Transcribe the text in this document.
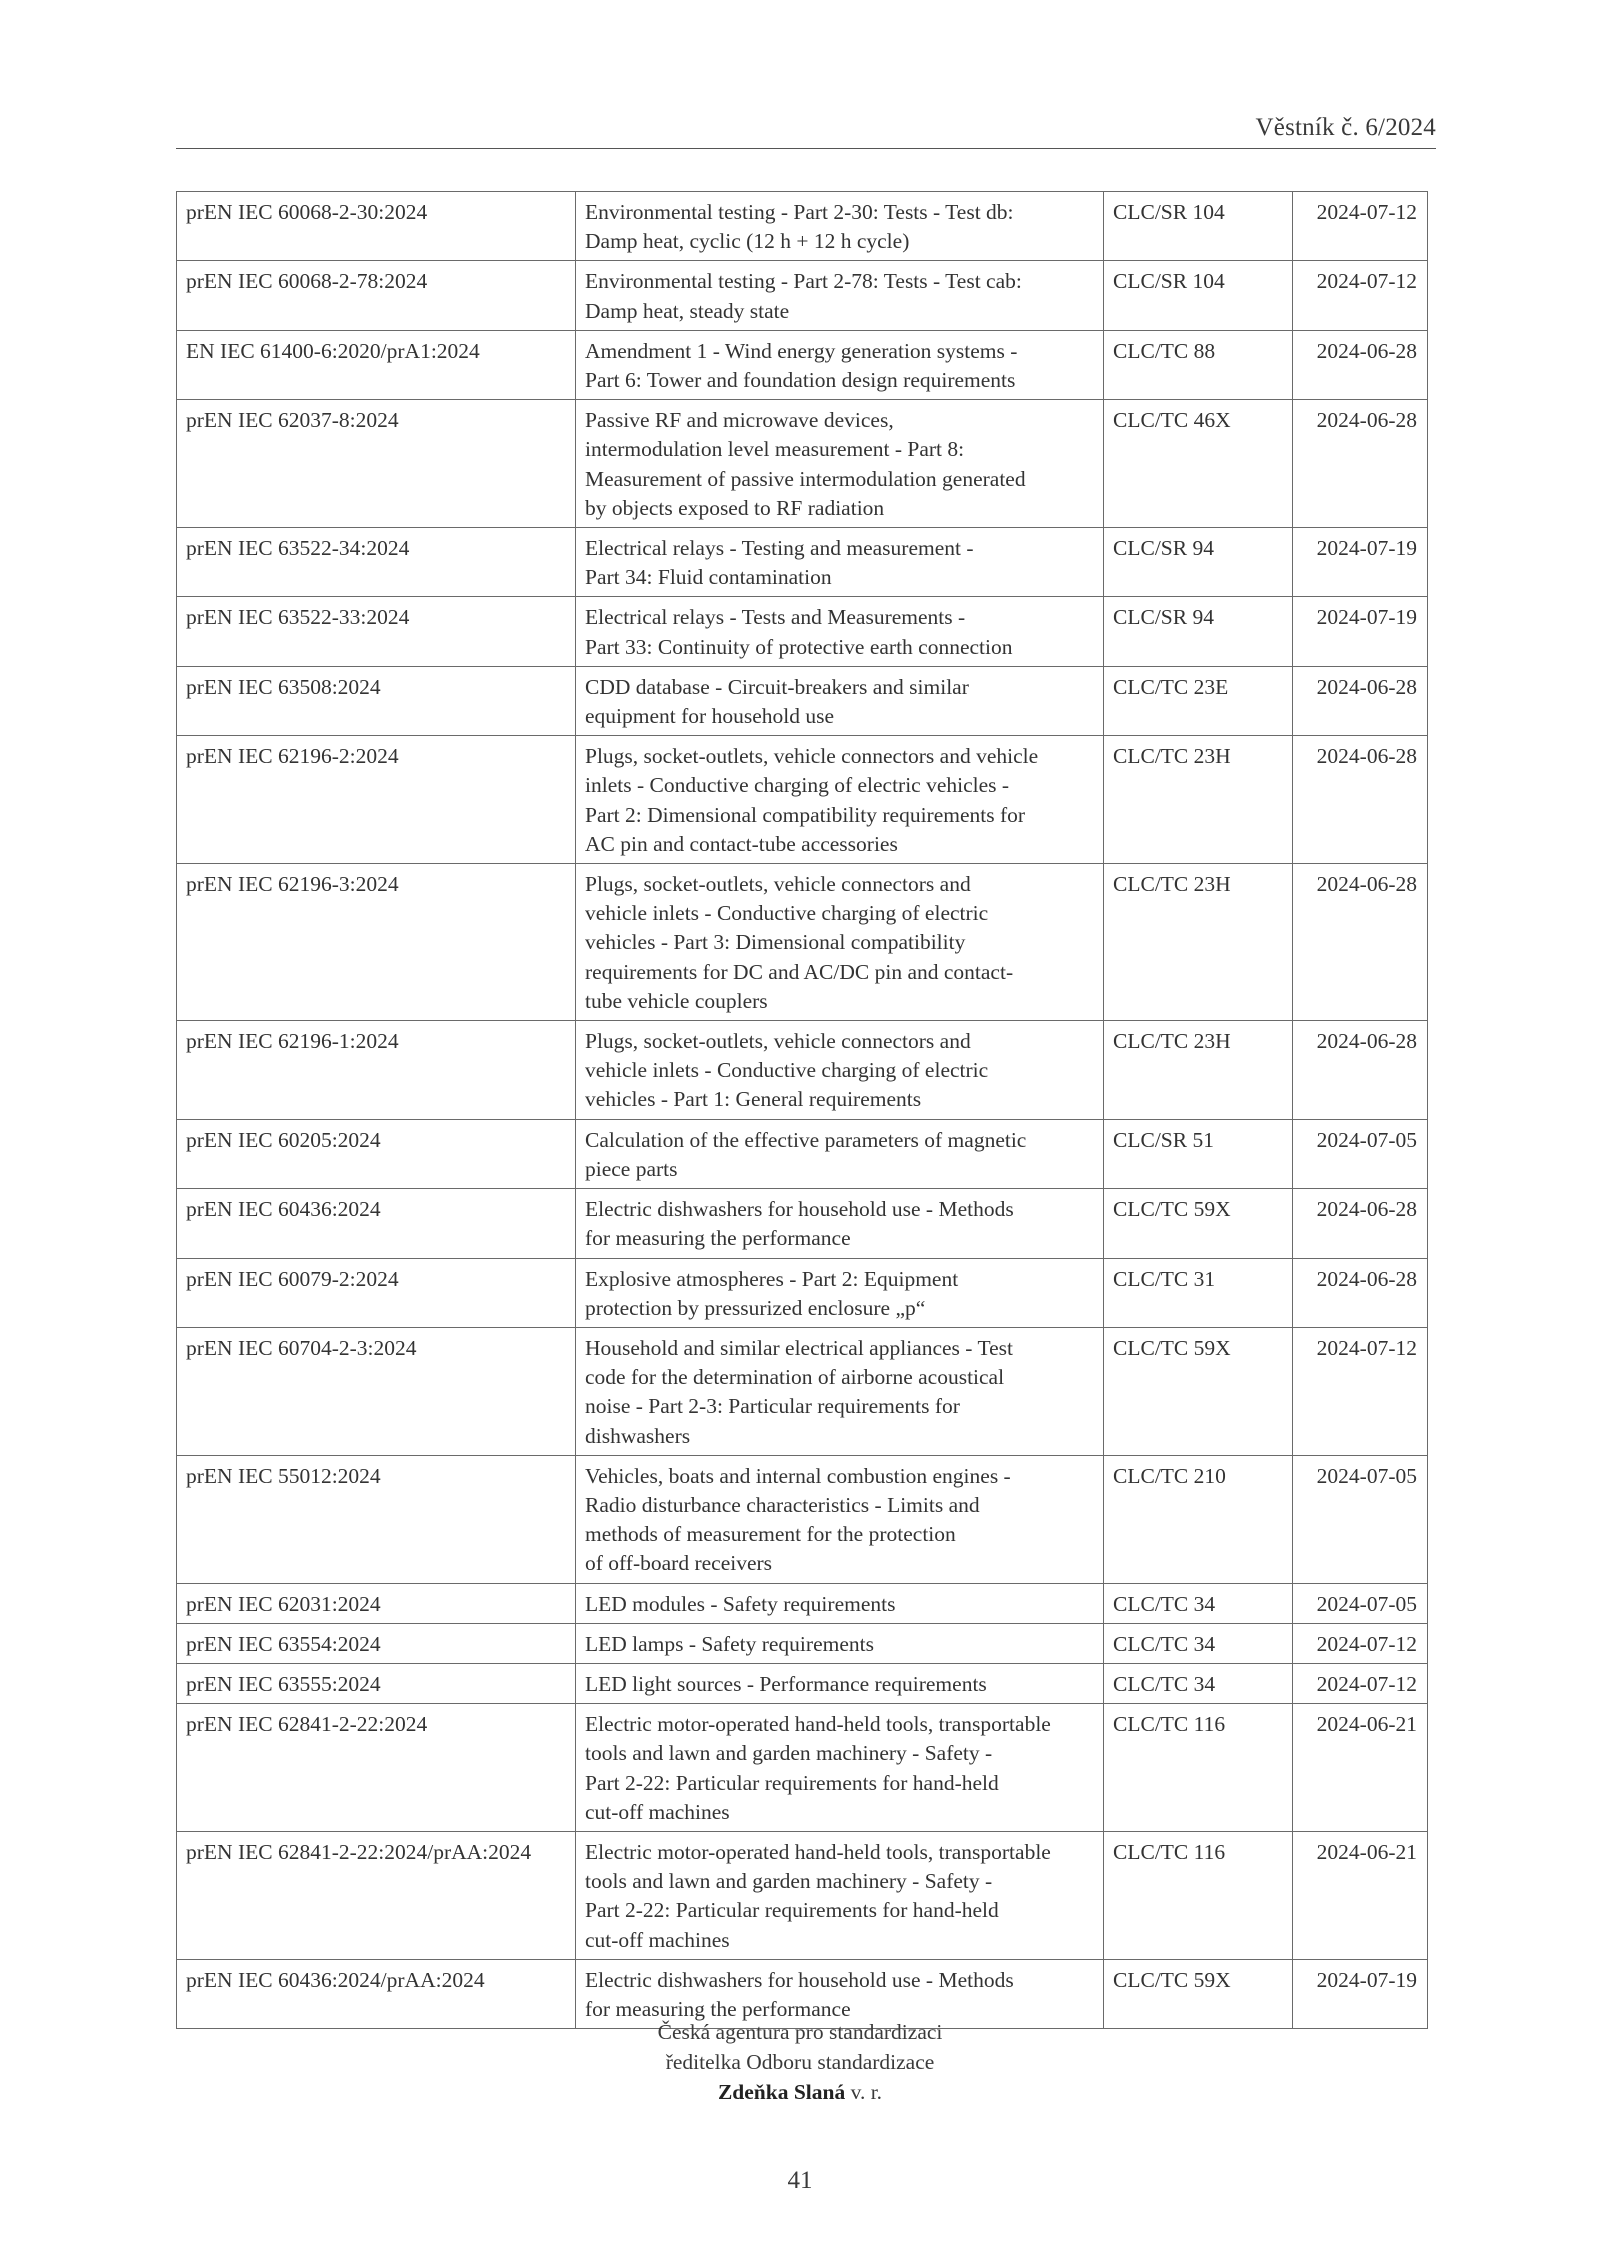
Věstník č. 6/2024
prEN IEC 60068-2-30:2024	Environmental testing - Part 2-30: Tests - Test db:
Damp heat, cyclic (12 h + 12 h cycle)	CLC/SR 104	2024-07-12
prEN IEC 60068-2-78:2024	Environmental testing - Part 2-78: Tests - Test cab:
Damp heat, steady state	CLC/SR 104	2024-07-12
EN IEC 61400-6:2020/prA1:2024	Amendment 1 - Wind energy generation systems -
Part 6: Tower and foundation design requirements	CLC/TC 88	2024-06-28
prEN IEC 62037-8:2024	Passive RF and microwave devices,
intermodulation level measurement - Part 8:
Measurement of passive intermodulation generated
by objects exposed to RF radiation	CLC/TC 46X	2024-06-28
prEN IEC 63522-34:2024	Electrical relays - Testing and measurement -
Part 34: Fluid contamination	CLC/SR 94	2024-07-19
prEN IEC 63522-33:2024	Electrical relays - Tests and Measurements -
Part 33: Continuity of protective earth connection	CLC/SR 94	2024-07-19
prEN IEC 63508:2024	CDD database - Circuit-breakers and similar
equipment for household use	CLC/TC 23E	2024-06-28
prEN IEC 62196-2:2024	Plugs, socket-outlets, vehicle connectors and vehicle
inlets - Conductive charging of electric vehicles -
Part 2: Dimensional compatibility requirements for
AC pin and contact-tube accessories	CLC/TC 23H	2024-06-28
prEN IEC 62196-3:2024	Plugs, socket-outlets, vehicle connectors and
vehicle inlets - Conductive charging of electric
vehicles - Part 3: Dimensional compatibility
requirements for DC and AC/DC pin and contact-
tube vehicle couplers	CLC/TC 23H	2024-06-28
prEN IEC 62196-1:2024	Plugs, socket-outlets, vehicle connectors and
vehicle inlets - Conductive charging of electric
vehicles - Part 1: General requirements	CLC/TC 23H	2024-06-28
prEN IEC 60205:2024	Calculation of the effective parameters of magnetic
piece parts	CLC/SR 51	2024-07-05
prEN IEC 60436:2024	Electric dishwashers for household use - Methods
for measuring the performance	CLC/TC 59X	2024-06-28
prEN IEC 60079-2:2024	Explosive atmospheres - Part 2: Equipment
protection by pressurized enclosure „p“	CLC/TC 31	2024-06-28
prEN IEC 60704-2-3:2024	Household and similar electrical appliances - Test
code for the determination of airborne acoustical
noise - Part 2-3: Particular requirements for
dishwashers	CLC/TC 59X	2024-07-12
prEN IEC 55012:2024	Vehicles, boats and internal combustion engines -
Radio disturbance characteristics - Limits and
methods of measurement for the protection
of off-board receivers	CLC/TC 210	2024-07-05
prEN IEC 62031:2024	LED modules - Safety requirements	CLC/TC 34	2024-07-05
prEN IEC 63554:2024	LED lamps - Safety requirements	CLC/TC 34	2024-07-12
prEN IEC 63555:2024	LED light sources - Performance requirements	CLC/TC 34	2024-07-12
prEN IEC 62841-2-22:2024	Electric motor-operated hand-held tools, transportable
tools and lawn and garden machinery - Safety -
Part 2-22: Particular requirements for hand-held
cut-off machines	CLC/TC 116	2024-06-21
prEN IEC 62841-2-22:2024/prAA:2024	Electric motor-operated hand-held tools, transportable
tools and lawn and garden machinery - Safety -
Part 2-22: Particular requirements for hand-held
cut-off machines	CLC/TC 116	2024-06-21
prEN IEC 60436:2024/prAA:2024	Electric dishwashers for household use - Methods
for measuring the performance	CLC/TC 59X	2024-07-19
Česká agentura pro standardizaci
ředitelka Odboru standardizace
Zdeňka Slaná v. r.
41
